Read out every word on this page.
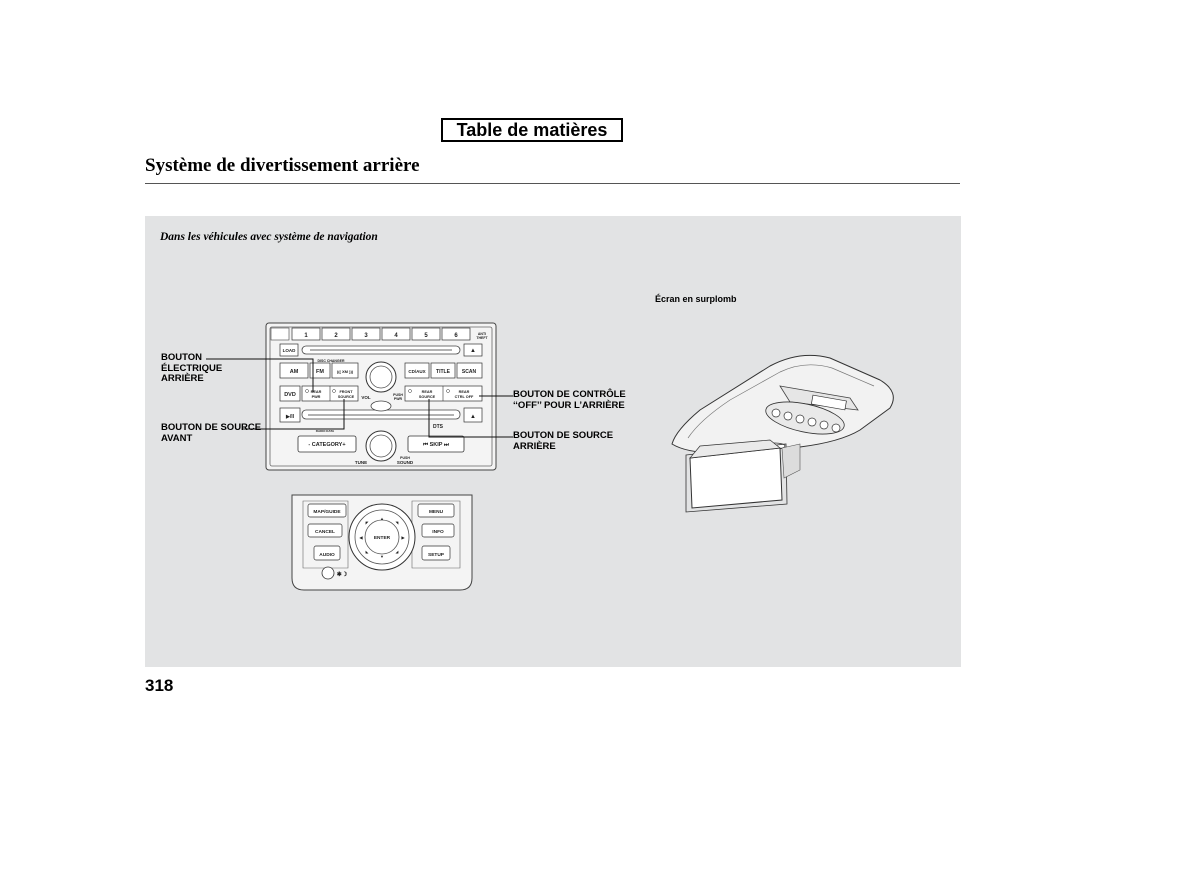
Table de matières
Système de divertissement arrière
Dans les véhicules avec système de navigation
1	2	3	4	5	6	ANTI
THEFT
LOAD	▲
DISC CHANGER
AM	FM	((( XM )))	CD/AUX TITLE SCAN
DVD	REAR
PWR
FRONT
SOURCE VOL	PUSH
PWR
REAR
SOURCE
REAR
CTRL OFF
▶/II	▲
RADIO DATA
DTS
- CATEGORY+
TUNE
PUSH
SOUND
⏮ SKIP ⏭
MAP/GUIDE
CANCEL
AUDIO
MENU
INFO
SETUP
ENTER
▲
▼
◀	▶
◤	◥
◣	◢
✱☽
BOUTON
ÉLECTRIQUE
ARRIÈRE
BOUTON DE SOURCE
AVANT
BOUTON DE CONTRÔLE
‘‘OFF’’ POUR L’ARRIÈRE
BOUTON DE SOURCE
ARRIÈRE
Écran en surplomb
318
